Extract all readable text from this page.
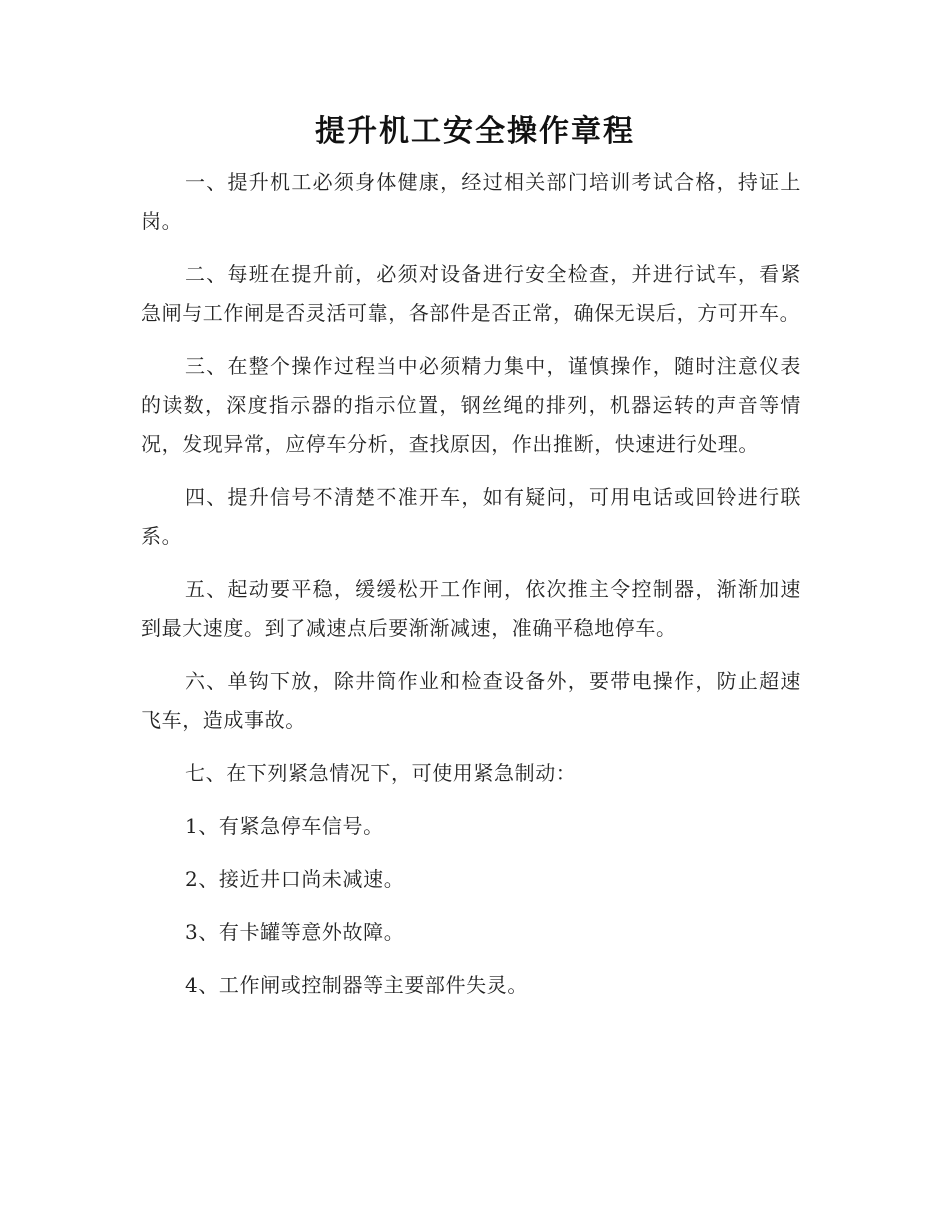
提升机工安全操作章程

一、提升机工必须身体健康，经过相关部门培训考试合格，持证上岗。

二、每班在提升前，必须对设备进行安全检查，并进行试车，看紧急闸与工作闸是否灵活可靠，各部件是否正常，确保无误后，方可开车。

三、在整个操作过程当中必须精力集中，谨慎操作，随时注意仪表的读数，深度指示器的指示位置，钢丝绳的排列，机器运转的声音等情况，发现异常，应停车分析，查找原因，作出推断，快速进行处理。

四、提升信号不清楚不准开车，如有疑问，可用电话或回铃进行联系。

五、起动要平稳，缓缓松开工作闸，依次推主令控制器，渐渐加速到最大速度。到了减速点后要渐渐减速，准确平稳地停车。

六、单钩下放，除井筒作业和检查设备外，要带电操作，防止超速飞车，造成事故。

七、在下列紧急情况下，可使用紧急制动：

1、有紧急停车信号。

2、接近井口尚未减速。

3、有卡罐等意外故障。

4、工作闸或控制器等主要部件失灵。
